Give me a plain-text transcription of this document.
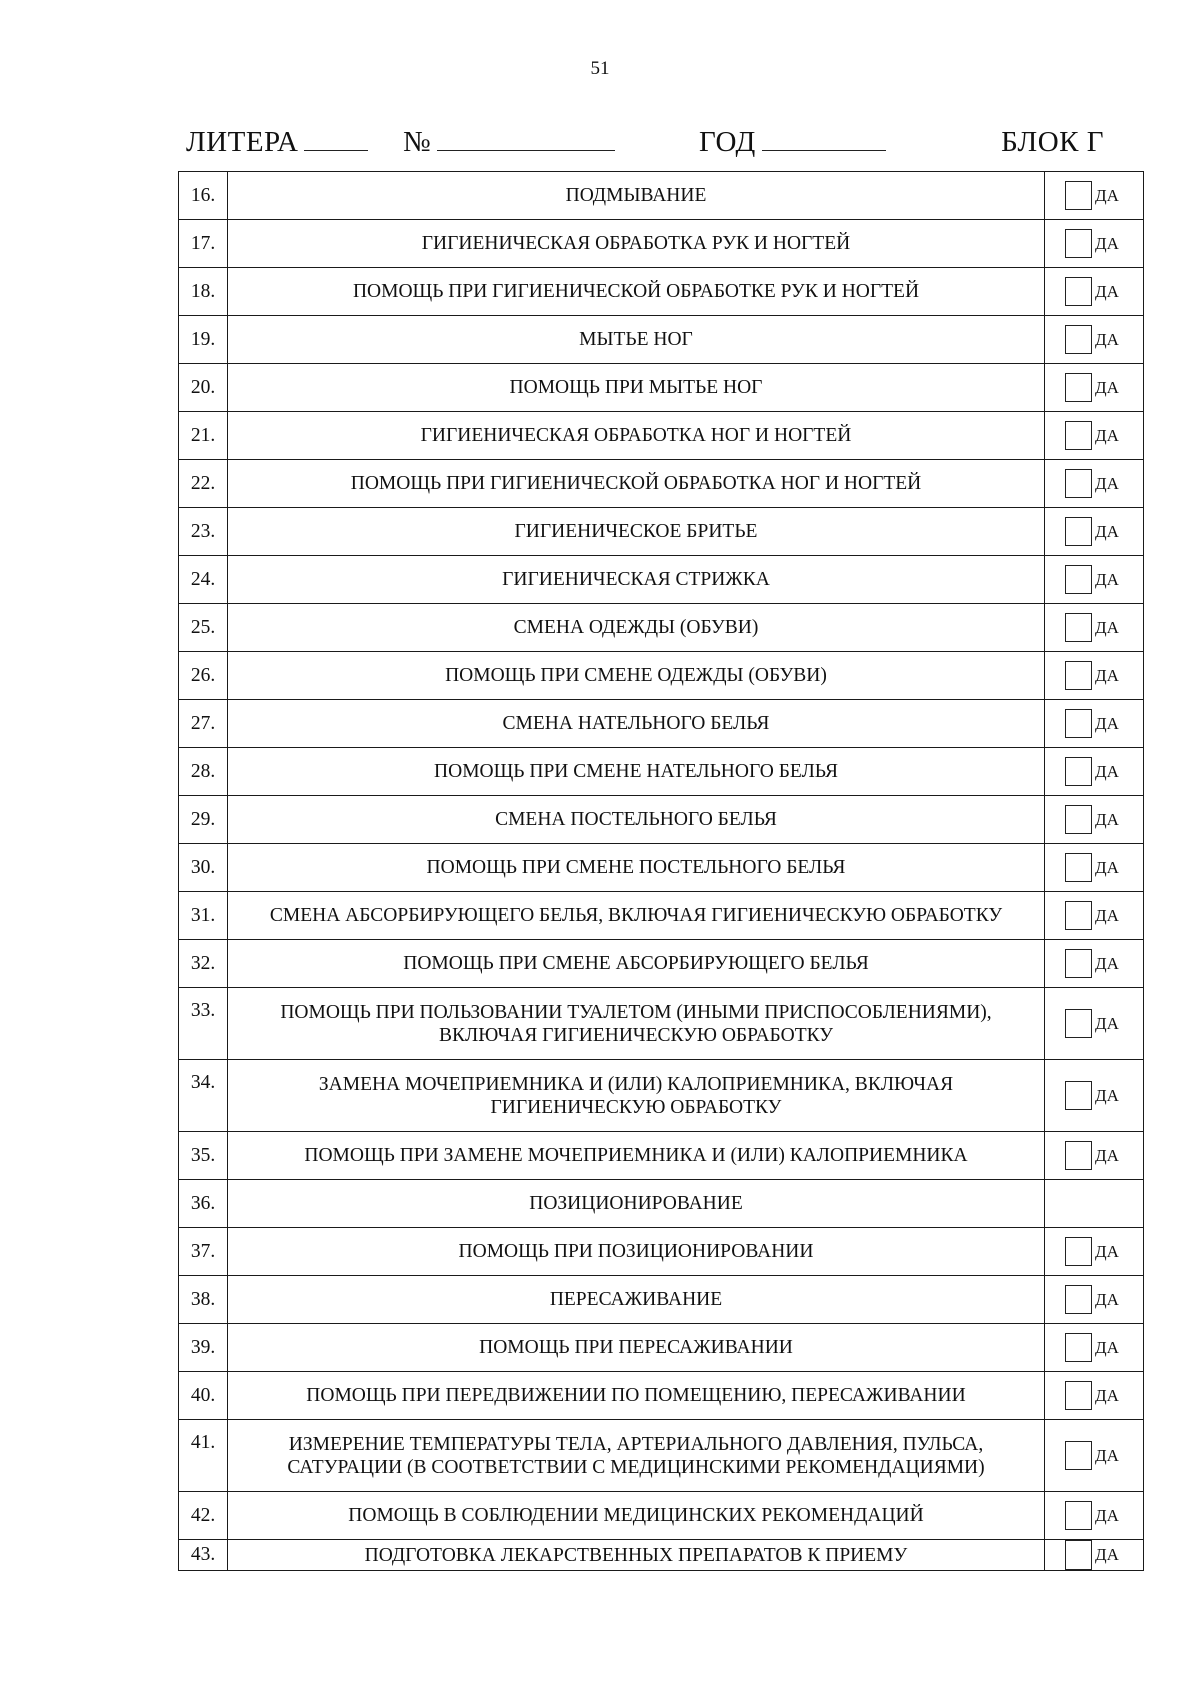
51
ЛИТЕРА	№	ГОД	БЛОК Г
16.	ПОДМЫВАНИЕ	ДА

17.	ГИГИЕНИЧЕСКАЯ ОБРАБОТКА РУК И НОГТЕЙ	ДА

18.	ПОМОЩЬ ПРИ ГИГИЕНИЧЕСКОЙ ОБРАБОТКЕ РУК И НОГТЕЙ	ДА

19.	МЫТЬЕ НОГ	ДА

20.	ПОМОЩЬ ПРИ МЫТЬЕ НОГ	ДА

21.	ГИГИЕНИЧЕСКАЯ ОБРАБОТКА НОГ И НОГТЕЙ	ДА

22.	ПОМОЩЬ ПРИ ГИГИЕНИЧЕСКОЙ ОБРАБОТКА НОГ И НОГТЕЙ	ДА

23.	ГИГИЕНИЧЕСКОЕ БРИТЬЕ	ДА

24.	ГИГИЕНИЧЕСКАЯ СТРИЖКА	ДА

25.	СМЕНА ОДЕЖДЫ (ОБУВИ)	ДА

26.	ПОМОЩЬ ПРИ СМЕНЕ ОДЕЖДЫ (ОБУВИ)	ДА

27.	СМЕНА НАТЕЛЬНОГО БЕЛЬЯ	ДА

28.	ПОМОЩЬ ПРИ СМЕНЕ НАТЕЛЬНОГО БЕЛЬЯ	ДА

29.	СМЕНА ПОСТЕЛЬНОГО БЕЛЬЯ	ДА

30.	ПОМОЩЬ ПРИ СМЕНЕ ПОСТЕЛЬНОГО БЕЛЬЯ	ДА

31.	СМЕНА АБСОРБИРУЮЩЕГО БЕЛЬЯ, ВКЛЮЧАЯ ГИГИЕНИЧЕСКУЮ ОБРАБОТКУ	ДА

32.	ПОМОЩЬ ПРИ СМЕНЕ АБСОРБИРУЮЩЕГО БЕЛЬЯ	ДА

33.	ПОМОЩЬ ПРИ ПОЛЬЗОВАНИИ ТУАЛЕТОМ (ИНЫМИ ПРИСПОСОБЛЕНИЯМИ), ВКЛЮЧАЯ ГИГИЕНИЧЕСКУЮ ОБРАБОТКУ	ДА

34.	ЗАМЕНА МОЧЕПРИЕМНИКА И (ИЛИ) КАЛОПРИЕМНИКА, ВКЛЮЧАЯ ГИГИЕНИЧЕСКУЮ ОБРАБОТКУ	ДА

35.	ПОМОЩЬ ПРИ ЗАМЕНЕ МОЧЕПРИЕМНИКА И (ИЛИ) КАЛОПРИЕМНИКА	ДА

36.	ПОЗИЦИОНИРОВАНИЕ	
37.	ПОМОЩЬ ПРИ ПОЗИЦИОНИРОВАНИИ	ДА

38.	ПЕРЕСАЖИВАНИЕ	ДА

39.	ПОМОЩЬ ПРИ ПЕРЕСАЖИВАНИИ	ДА

40.	ПОМОЩЬ ПРИ ПЕРЕДВИЖЕНИИ ПО ПОМЕЩЕНИЮ, ПЕРЕСАЖИВАНИИ	ДА

41.	ИЗМЕРЕНИЕ ТЕМПЕРАТУРЫ ТЕЛА, АРТЕРИАЛЬНОГО ДАВЛЕНИЯ, ПУЛЬСА, САТУРАЦИИ (В СООТВЕТСТВИИ С МЕДИЦИНСКИМИ РЕКОМЕНДАЦИЯМИ)	ДА

42.	ПОМОЩЬ В СОБЛЮДЕНИИ МЕДИЦИНСКИХ РЕКОМЕНДАЦИЙ	ДА

43.	ПОДГОТОВКА ЛЕКАРСТВЕННЫХ ПРЕПАРАТОВ К ПРИЕМУ	ДА
